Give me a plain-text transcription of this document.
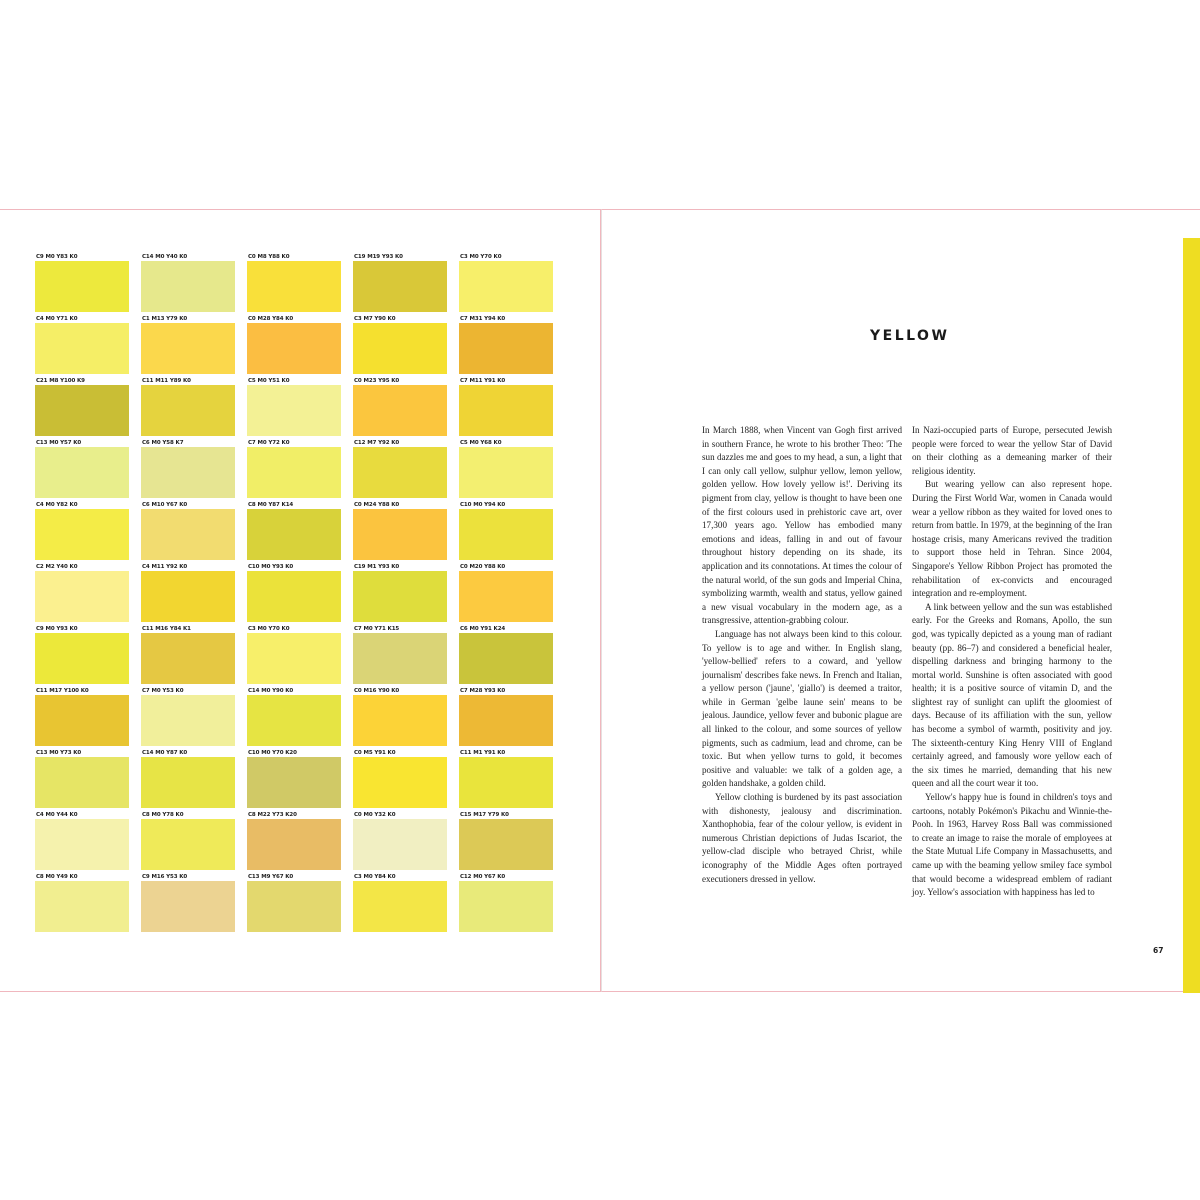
C9 M0 Y83 K0	C14 M0 Y40 K0	C0 M8 Y88 K0	C19 M19 Y93 K0	C3 M0 Y70 K0
C4 M0 Y71 K0	C1 M13 Y79 K0	C0 M28 Y84 K0	C3 M7 Y90 K0	C7 M31 Y94 K0
C21 M8 Y100 K9	C11 M11 Y89 K0	C5 M0 Y51 K0	C0 M23 Y95 K0	C7 M11 Y91 K0
C13 M0 Y57 K0	C6 M0 Y58 K7	C7 M0 Y72 K0	C12 M7 Y92 K0	C5 M0 Y68 K0
C4 M0 Y82 K0	C6 M10 Y67 K0	C8 M0 Y87 K14	C0 M24 Y88 K0	C10 M0 Y94 K0
C2 M2 Y40 K0	C4 M11 Y92 K0	C10 M0 Y93 K0	C19 M1 Y93 K0	C0 M20 Y88 K0
C9 M0 Y93 K0	C11 M16 Y84 K1	C3 M0 Y70 K0	C7 M0 Y71 K15	C6 M0 Y91 K24
C11 M17 Y100 K0	C7 M0 Y53 K0	C14 M0 Y90 K0	C0 M16 Y90 K0	C7 M28 Y93 K0
C13 M0 Y73 K0	C14 M0 Y87 K0	C10 M0 Y70 K20	C0 M5 Y91 K0	C11 M1 Y91 K0
C4 M0 Y44 K0	C8 M0 Y78 K0	C8 M22 Y73 K20	C0 M0 Y32 K0	C15 M17 Y79 K0
C8 M0 Y49 K0	C9 M16 Y53 K0	C13 M9 Y67 K0	C3 M0 Y84 K0	C12 M0 Y67 K0
YELLOW

In March 1888, when Vincent van Gogh first arrived in southern France, he wrote to his brother Theo: 'The sun dazzles me and goes to my head, a sun, a light that I can only call yellow, sulphur yellow, lemon yellow, golden yellow. How lovely yellow is!'. Deriving its pigment from clay, yellow is thought to have been one of the first colours used in prehistoric cave art, over 17,300 years ago. Yellow has embodied many emotions and ideas, falling in and out of favour throughout history depending on its shade, its application and its connotations. At times the colour of the natural world, of the sun gods and Imperial China, symbolizing warmth, wealth and status, yellow gained a new visual vocabulary in the modern age, as a transgressive, attention-grabbing colour.

Language has not always been kind to this colour. To yellow is to age and wither. In English slang, 'yellow-bellied' refers to a coward, and 'yellow journalism' describes fake news. In French and Italian, a yellow person ('jaune', 'giallo') is deemed a traitor, while in German 'gelbe laune sein' means to be jealous. Jaundice, yellow fever and bubonic plague are all linked to the colour, and some sources of yellow pigments, such as cadmium, lead and chrome, can be toxic. But when yellow turns to gold, it becomes positive and valuable: we talk of a golden age, a golden handshake, a golden child.

Yellow clothing is burdened by its past association with dishonesty, jealousy and discrimination. Xanthophobia, fear of the colour yellow, is evident in numerous Christian depictions of Judas Iscariot, the yellow-clad disciple who betrayed Christ, while iconography of the Middle Ages often portrayed executioners dressed in yellow.

In Nazi-occupied parts of Europe, persecuted Jewish people were forced to wear the yellow Star of David on their clothing as a demeaning marker of their religious identity.

But wearing yellow can also represent hope. During the First World War, women in Canada would wear a yellow ribbon as they waited for loved ones to return from battle. In 1979, at the beginning of the Iran hostage crisis, many Americans revived the tradition to support those held in Tehran. Since 2004, Singapore's Yellow Ribbon Project has promoted the rehabilitation of ex-convicts and encouraged integration and re-employment.

A link between yellow and the sun was established early. For the Greeks and Romans, Apollo, the sun god, was typically depicted as a young man of radiant beauty (pp. 86–7) and considered a beneficial healer, dispelling darkness and bringing harmony to the mortal world. Sunshine is often associated with good health; it is a positive source of vitamin D, and the slightest ray of sunlight can uplift the gloomiest of days. Because of its affiliation with the sun, yellow has become a symbol of warmth, positivity and joy. The sixteenth-century King Henry VIII of England certainly agreed, and famously wore yellow each of the six times he married, demanding that his new queen and all the court wear it too.

Yellow's happy hue is found in children's toys and cartoons, notably Pokémon's Pikachu and Winnie-the-Pooh. In 1963, Harvey Ross Ball was commissioned to create an image to raise the morale of employees at the State Mutual Life Company in Massachusetts, and came up with the beaming yellow smiley face symbol that would become a widespread emblem of radiant joy. Yellow's association with happiness has led to

67
